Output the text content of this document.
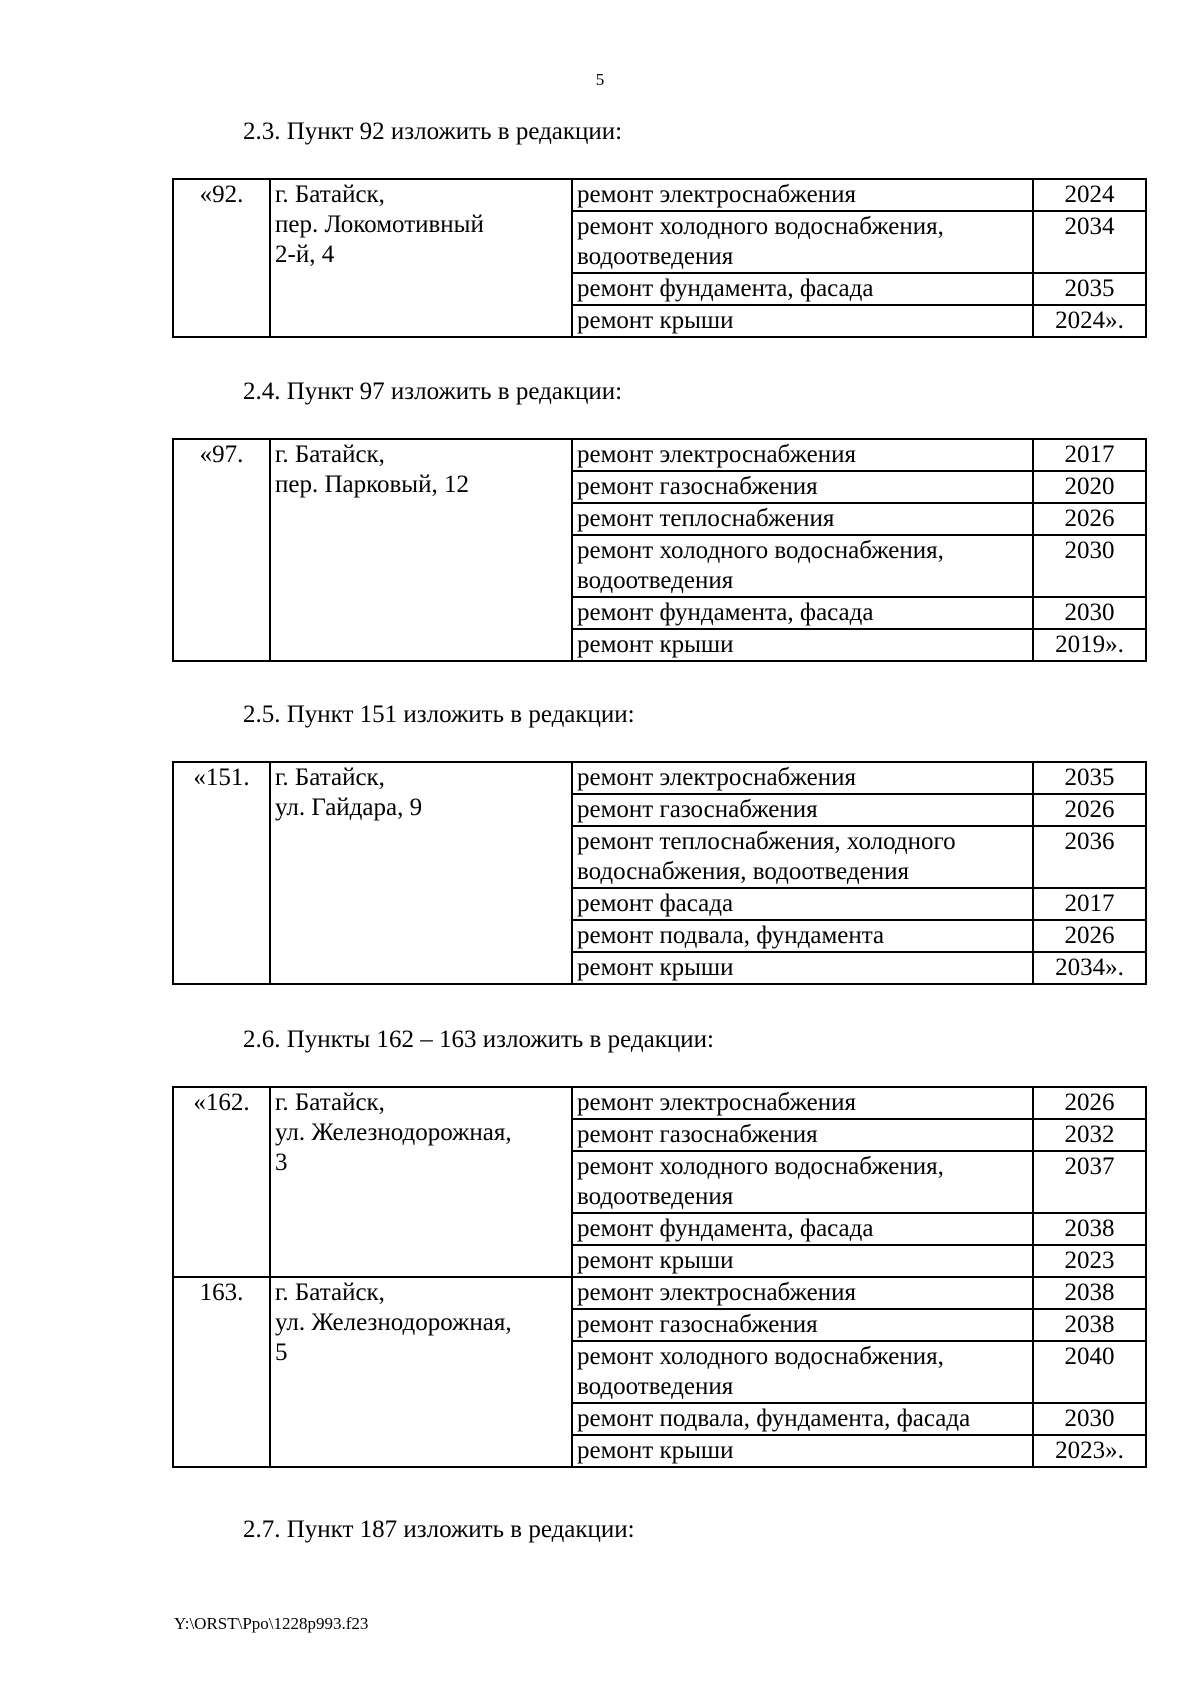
5
2.3. Пункт 92 изложить в редакции:
«92.	г. Батайск,
пер. Локомотивный
2-й, 4	ремонт электроснабжения	2024

		ремонт холодного водоснабжения,
водоотведения	2034

		ремонт фундамента, фасада	2035

		ремонт крыши	2024».
2.4. Пункт 97 изложить в редакции:
«97.	г. Батайск,
пер. Парковый, 12	ремонт электроснабжения	2017

		ремонт газоснабжения	2020

		ремонт теплоснабжения	2026

		ремонт холодного водоснабжения,
водоотведения	2030

		ремонт фундамента, фасада	2030

		ремонт крыши	2019».
2.5. Пункт 151 изложить в редакции:
«151.	г. Батайск,
ул. Гайдара, 9	ремонт электроснабжения	2035

		ремонт газоснабжения	2026

		ремонт теплоснабжения, холодного
водоснабжения, водоотведения	2036

		ремонт фасада	2017

		ремонт подвала, фундамента	2026

		ремонт крыши	2034».
2.6. Пункты 162 – 163 изложить в редакции:
«162.	г. Батайск,
ул. Железнодорожная,
3	ремонт электроснабжения	2026

		ремонт газоснабжения	2032

		ремонт холодного водоснабжения,
водоотведения	2037

		ремонт фундамента, фасада	2038

		ремонт крыши	2023
163.	г. Батайск,
ул. Железнодорожная,
5	ремонт электроснабжения	2038

		ремонт газоснабжения	2038

		ремонт холодного водоснабжения,
водоотведения	2040

		ремонт подвала, фундамента, фасада	2030

		ремонт крыши	2023».
2.7. Пункт 187 изложить в редакции:
Y:\ORST\Ppo\1228p993.f23
